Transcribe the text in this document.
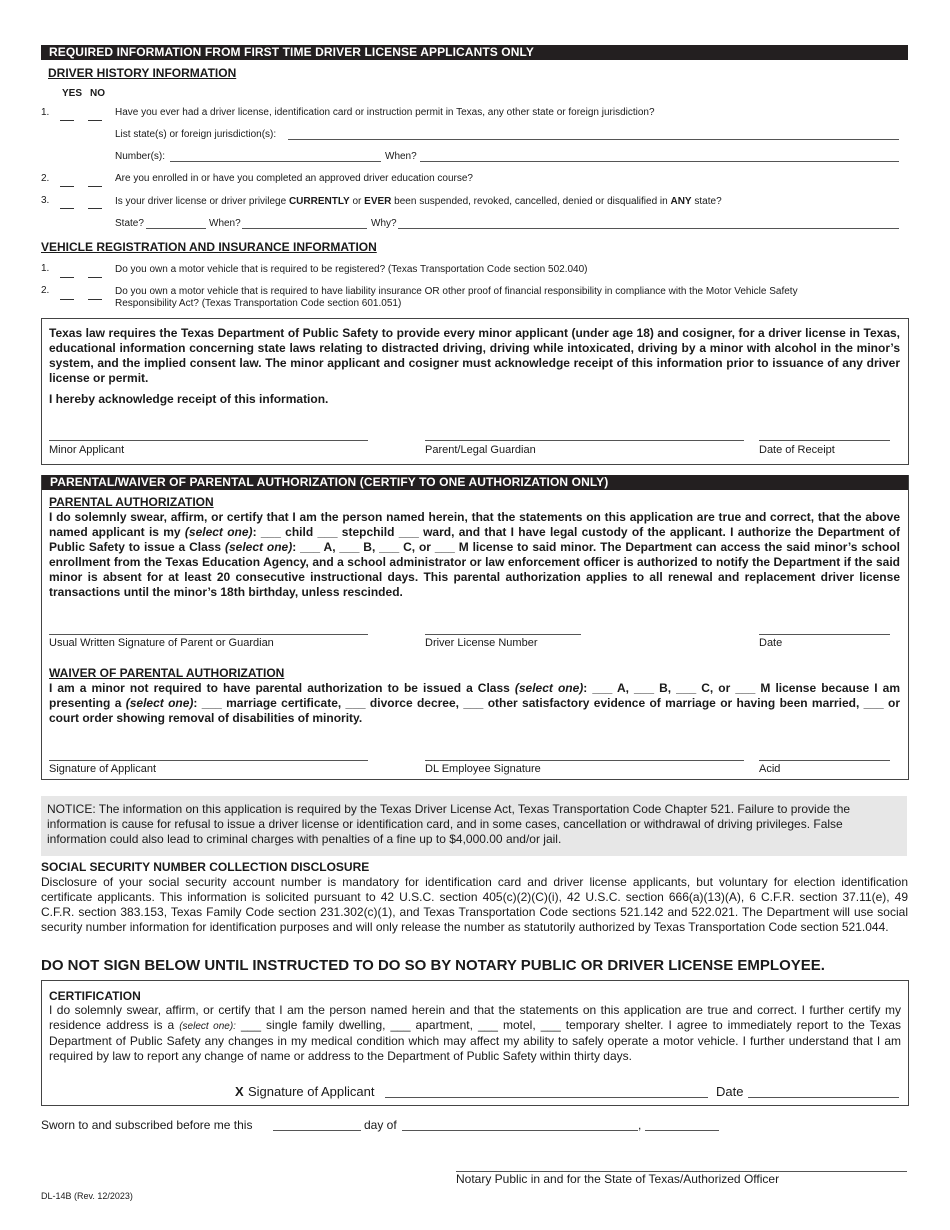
REQUIRED INFORMATION FROM FIRST TIME DRIVER LICENSE APPLICANTS ONLY
DRIVER HISTORY INFORMATION
YES NO
1.	Have you ever had a driver license, identification card or instruction permit in Texas, any other state or foreign jurisdiction?
List state(s) or foreign jurisdiction(s):
Number(s):	When?
2.	Are you enrolled in or have you completed an approved driver education course?
3.	Is your driver license or driver privilege CURRENTLY or EVER been suspended, revoked, cancelled, denied or disqualified in ANY state?
State?	When?	Why?
VEHICLE REGISTRATION AND INSURANCE INFORMATION
1.	Do you own a motor vehicle that is required to be registered? (Texas Transportation Code section 502.040)
2.	Do you own a motor vehicle that is required to have liability insurance OR other proof of financial responsibility in compliance with the Motor Vehicle Safety
Responsibility Act? (Texas Transportation Code section 601.051)
Texas law requires the Texas Department of Public Safety to provide every minor applicant (under age 18) and cosigner, for a driver license in Texas, educational information concerning state laws relating to distracted driving, driving while intoxicated, driving by a minor with alcohol in the minor’s system, and the implied consent law. The minor applicant and cosigner must acknowledge receipt of this information prior to issuance of any driver license or permit.
I hereby acknowledge receipt of this information.
Minor Applicant	Parent/Legal Guardian	Date of Receipt
PARENTAL/WAIVER OF PARENTAL AUTHORIZATION (CERTIFY TO ONE AUTHORIZATION ONLY)
PARENTAL AUTHORIZATION
I do solemnly swear, affirm, or certify that I am the person named herein, that the statements on this application are true and correct, that the above named applicant is my (select one): ___ child ___ stepchild ___ ward, and that I have legal custody of the applicant. I authorize the Department of Public Safety to issue a Class (select one): ___ A, ___ B, ___ C, or ___ M license to said minor. The Department can access the said minor’s school enrollment from the Texas Education Agency, and a school administrator or law enforcement officer is authorized to notify the Department if the said minor is absent for at least 20 consecutive instructional days. This parental authorization applies to all renewal and replacement driver license transactions until the minor’s 18th birthday, unless rescinded.
Usual Written Signature of Parent or Guardian	Driver License Number	Date
WAIVER OF PARENTAL AUTHORIZATION
I am a minor not required to have parental authorization to be issued a Class (select one): ___ A, ___ B, ___ C, or ___ M license because I am presenting a (select one): ___ marriage certificate, ___ divorce decree, ___ other satisfactory evidence of marriage or having been married, ___ or court order showing removal of disabilities of minority.
Signature of Applicant	DL Employee Signature	Acid
NOTICE: The information on this application is required by the Texas Driver License Act, Texas Transportation Code Chapter 521. Failure to provide the information is cause for refusal to issue a driver license or identification card, and in some cases, cancellation or withdrawal of driving privileges. False information could also lead to criminal charges with penalties of a fine up to $4,000.00 and/or jail.
SOCIAL SECURITY NUMBER COLLECTION DISCLOSURE
Disclosure of your social security account number is mandatory for identification card and driver license applicants, but voluntary for election identification certificate applicants. This information is solicited pursuant to 42 U.S.C. section 405(c)(2)(C)(i), 42 U.S.C. section 666(a)(13)(A), 6 C.F.R. section 37.11(e), 49 C.F.R. section 383.153, Texas Family Code section 231.302(c)(1), and Texas Transportation Code sections 521.142 and 522.021. The Department will use social security number information for identification purposes and will only release the number as statutorily authorized by Texas Transportation Code section 521.044.
DO NOT SIGN BELOW UNTIL INSTRUCTED TO DO SO BY NOTARY PUBLIC OR DRIVER LICENSE EMPLOYEE.
CERTIFICATION
I do solemnly swear, affirm, or certify that I am the person named herein and that the statements on this application are true and correct. I further certify my residence address is a (select one): ___ single family dwelling, ___ apartment, ___ motel, ___ temporary shelter. I agree to immediately report to the Texas Department of Public Safety any changes in my medical condition which may affect my ability to safely operate a motor vehicle. I further understand that I am required by law to report any change of name or address to the Department of Public Safety within thirty days.
X Signature of Applicant	Date
Sworn to and subscribed before me this	day of	,
Notary Public in and for the State of Texas/Authorized Officer
DL-14B (Rev. 12/2023)
